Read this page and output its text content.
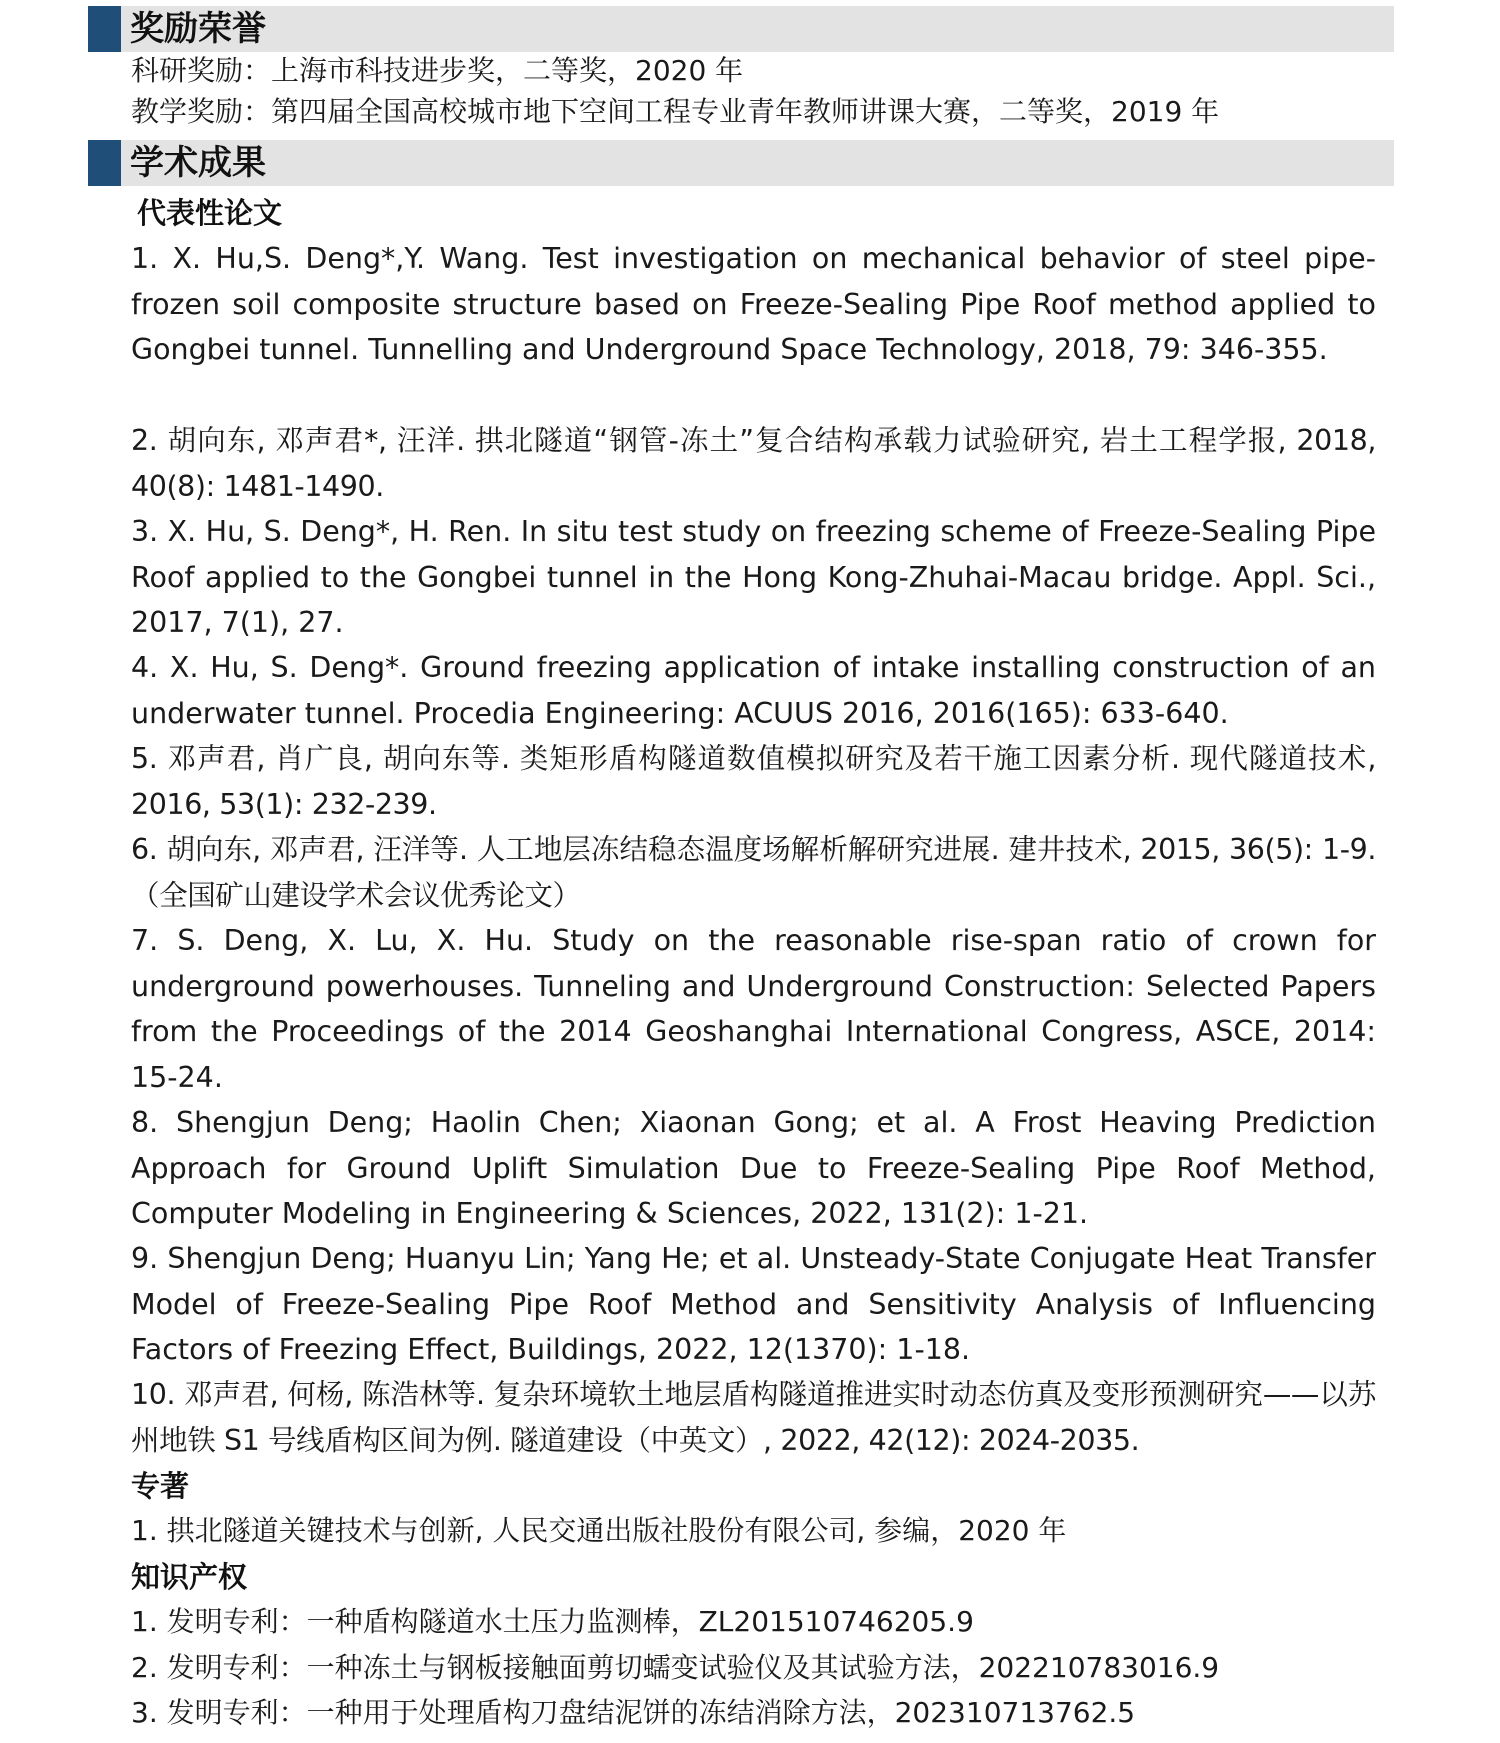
奖励荣誉
科研奖励：上海市科技进步奖，二等奖，2020 年
教学奖励：第四届全国高校城市地下空间工程专业青年教师讲课大赛，二等奖，2019 年
学术成果
代表性论文
1. X. Hu,S. Deng*,Y. Wang. Test investigation on mechanical behavior of steel pipe-frozen soil composite structure based on Freeze-Sealing Pipe Roof method applied to Gongbei tunnel. Tunnelling and Underground Space Technology, 2018, 79: 346-355.
2. 胡向东, 邓声君*, 汪洋. 拱北隧道“钢管-冻土”复合结构承载力试验研究, 岩土工程学报, 2018, 40(8): 1481-1490.
3. X. Hu, S. Deng*, H. Ren. In situ test study on freezing scheme of Freeze-Sealing Pipe Roof applied to the Gongbei tunnel in the Hong Kong-Zhuhai-Macau bridge. Appl. Sci., 2017, 7(1), 27.
4. X. Hu, S. Deng*. Ground freezing application of intake installing construction of an underwater tunnel. Procedia Engineering: ACUUS 2016, 2016(165): 633-640.
5. 邓声君, 肖广良, 胡向东等. 类矩形盾构隧道数值模拟研究及若干施工因素分析. 现代隧道技术, 2016, 53(1): 232-239.
6. 胡向东, 邓声君, 汪洋等. 人工地层冻结稳态温度场解析解研究进展. 建井技术, 2015, 36(5): 1-9.（全国矿山建设学术会议优秀论文）
7. S. Deng, X. Lu, X. Hu. Study on the reasonable rise-span ratio of crown for underground powerhouses. Tunneling and Underground Construction: Selected Papers from the Proceedings of the 2014 Geoshanghai International Congress, ASCE, 2014: 15-24.
8. Shengjun Deng; Haolin Chen; Xiaonan Gong; et al. A Frost Heaving Prediction Approach for Ground Uplift Simulation Due to Freeze-Sealing Pipe Roof Method, Computer Modeling in Engineering & Sciences, 2022, 131(2): 1-21.
9. Shengjun Deng; Huanyu Lin; Yang He; et al. Unsteady-State Conjugate Heat Transfer Model of Freeze-Sealing Pipe Roof Method and Sensitivity Analysis of Influencing Factors of Freezing Effect, Buildings, 2022, 12(1370): 1-18.
10. 邓声君, 何杨, 陈浩林等. 复杂环境软土地层盾构隧道推进实时动态仿真及变形预测研究——以苏州地铁 S1 号线盾构区间为例. 隧道建设（中英文）, 2022, 42(12): 2024-2035.
专著
1. 拱北隧道关键技术与创新, 人民交通出版社股份有限公司, 参编，2020 年
知识产权
1. 发明专利：一种盾构隧道水土压力监测棒，ZL201510746205.9
2. 发明专利：一种冻土与钢板接触面剪切蠕变试验仪及其试验方法，202210783016.9
3. 发明专利：一种用于处理盾构刀盘结泥饼的冻结消除方法，202310713762.5
